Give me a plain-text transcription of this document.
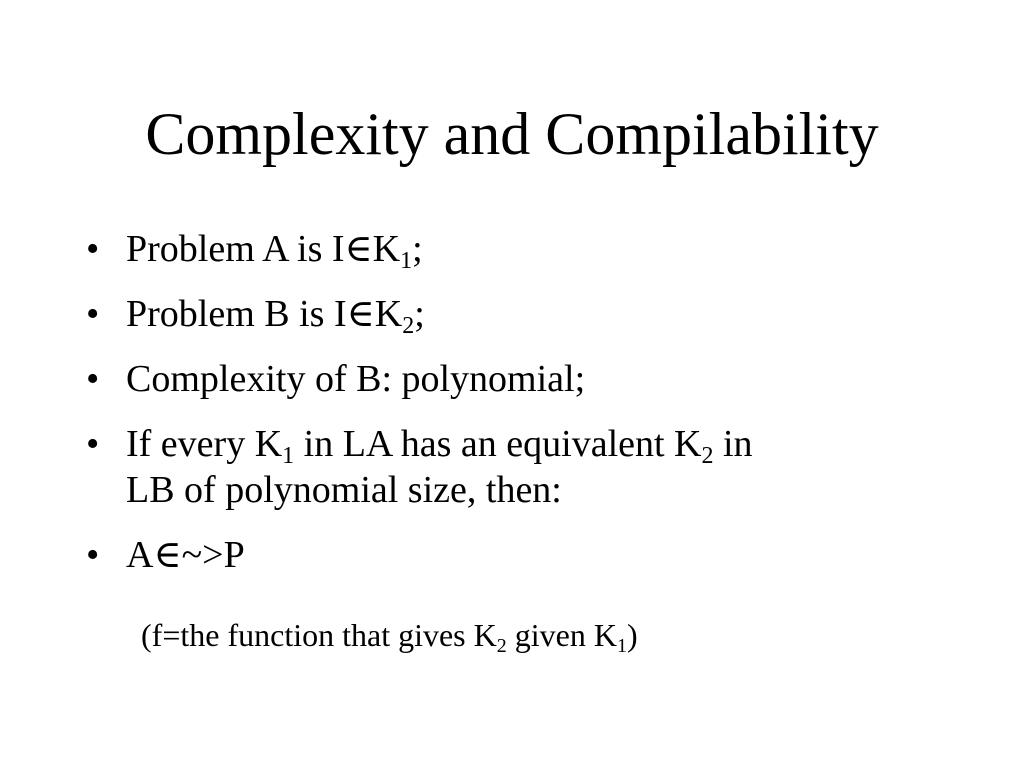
Complexity and Compilability
• Problem A is $I\in K_1$;
• Problem B is $I\in K_2$;
• Complexity of B: polynomial;
• If every $K_1$ in LA has an equivalent $K_2$ in
LB of polynomial size, then:
• A∈~>P
(f=the function that gives $K_2$ given $K_1$)
